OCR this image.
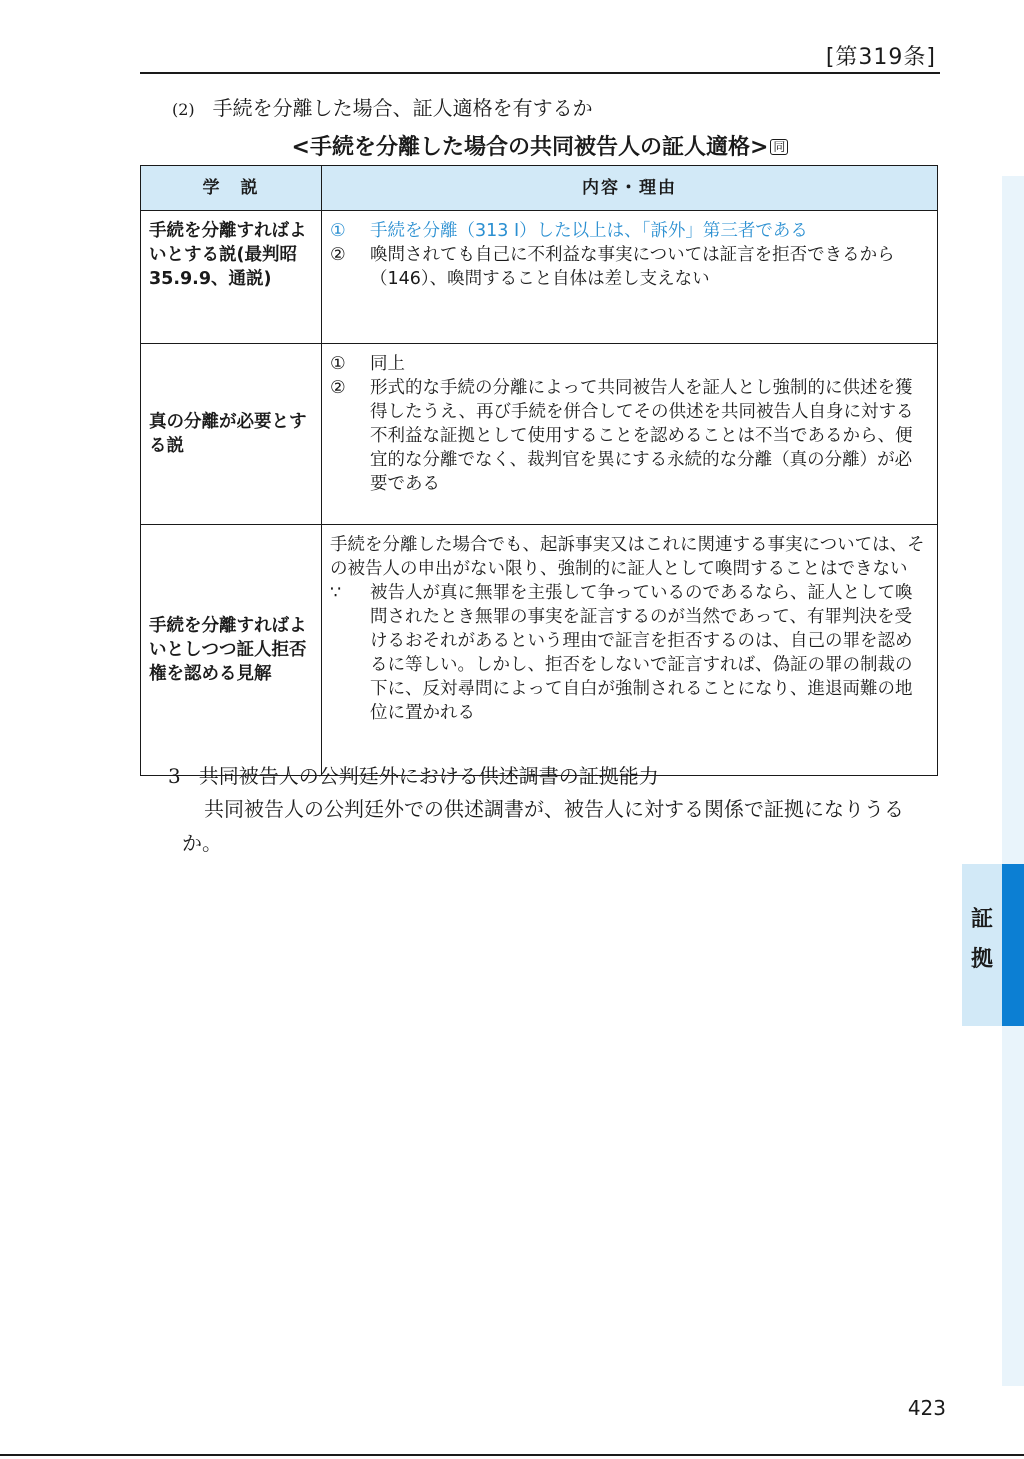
[第319条]
(2) 手続を分離した場合、証人適格を有するか
<手続を分離した場合の共同被告人の証人適格> 同
学　説	内容・理由
手続を分離すればよいとする説(最判昭 35.9.9、通説)	① 手続を分離（313 Ⅰ）した以上は、「訴外」第三者である
② 喚問されても自己に不利益な事実については証言を拒否できるから（146）、喚問すること自体は差し支えない

真の分離が必要とする説	① 同上
② 形式的な手続の分離によって共同被告人を証人とし強制的に供述を獲得したうえ、再び手続を併合してその供述を共同被告人自身に対する不利益な証拠として使用することを認めることは不当であるから、便宜的な分離でなく、裁判官を異にする永続的な分離（真の分離）が必要である

手続を分離すればよいとしつつ証人拒否権を認める見解	手続を分離した場合でも、起訴事実又はこれに関連する事実については、その被告人の申出がない限り、強制的に証人として喚問することはできない
∵ 被告人が真に無罪を主張して争っているのであるなら、証人として喚問されたとき無罪の事実を証言するのが当然であって、有罪判決を受けるおそれがあるという理由で証言を拒否するのは、自己の罪を認めるに等しい。しかし、拒否をしないで証言すれば、偽証の罪の制裁の下に、反対尋問によって自白が強制されることになり、進退両難の地位に置かれる
3 共同被告人の公判廷外における供述調書の証拠能力
共同被告人の公判廷外での供述調書が、被告人に対する関係で証拠になりうるか。
証
拠
423
